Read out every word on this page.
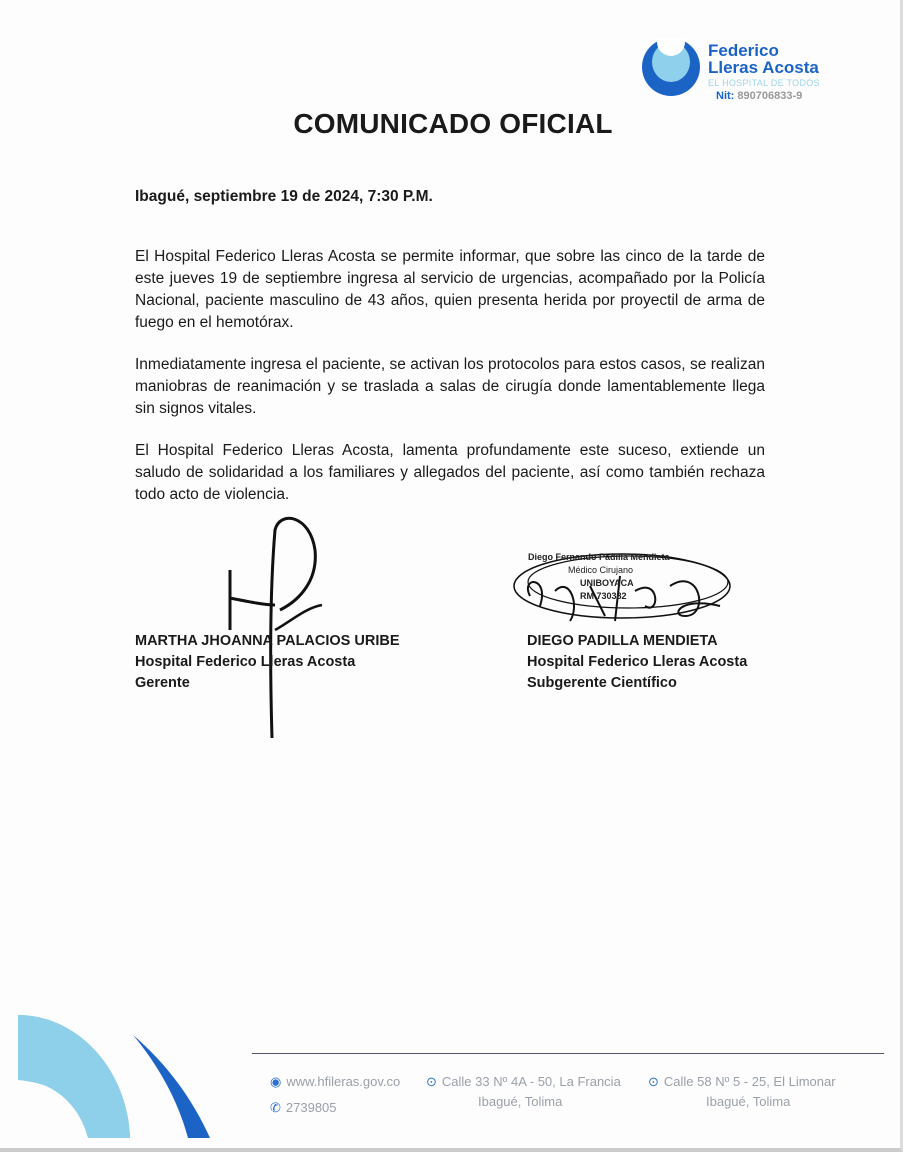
Federico
Lleras Acosta
EL HOSPITAL DE TODOS
Nit: 890706833-9
COMUNICADO OFICIAL
Ibagué, septiembre 19 de 2024, 7:30 P.M.
El Hospital Federico Lleras Acosta se permite informar, que sobre las cinco de la tarde de este jueves 19 de septiembre ingresa al servicio de urgencias, acompañado por la Policía Nacional, paciente masculino de 43 años, quien presenta herida por proyectil de arma de fuego en el hemotórax.
Inmediatamente ingresa el paciente, se activan los protocolos para estos casos, se realizan maniobras de reanimación y se traslada a salas de cirugía donde lamentablemente llega sin signos vitales.
El Hospital Federico Lleras Acosta, lamenta profundamente este suceso, extiende un saludo de solidaridad a los familiares y allegados del paciente, así como también rechaza todo acto de violencia.
MARTHA JHOANNA PALACIOS URIBE
Hospital Federico Lleras Acosta
Gerente
Diego Fernando Padilla Mendieta
Médico Cirujano
UNIBOYACA
RM 730382
DIEGO PADILLA MENDIETA
Hospital Federico Lleras Acosta
Subgerente Científico
◉ www.hfileras.gov.co
✆ 2739805
⊙ Calle 33 Nº 4A - 50, La Francia
Ibagué, Tolima
⊙ Calle 58 Nº 5 - 25, El Limonar
Ibagué, Tolima
